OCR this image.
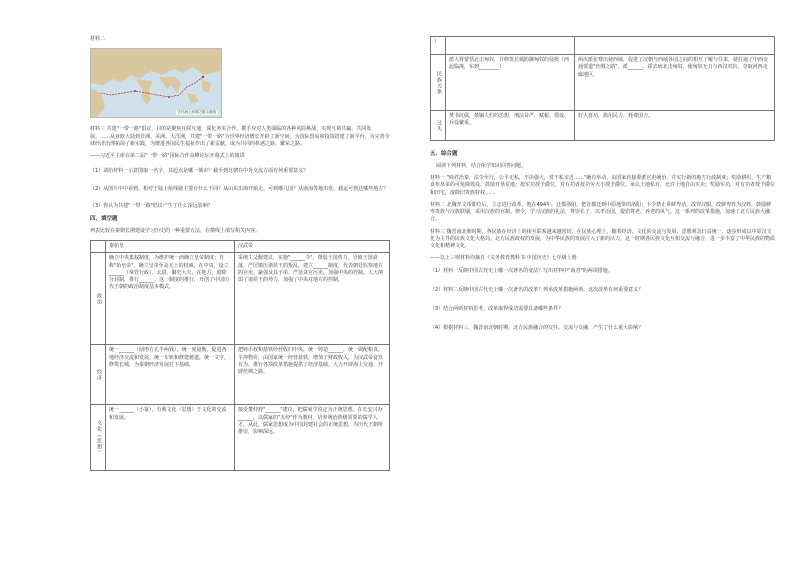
材料二
古代海上丝绸之路示意图
材料三 共建"一带一路"倡议，目的是聚焦互联互通，深化务实合作，携手应对人类面临的各种风险挑战，实现互利共赢、共同发展。……从亚欧大陆到非洲、美洲、大洋洲，共建"一带一路"为世界经济增长开辟了新空间，为国际贸易和投资搭建了新平台，为完善全球经济治理拓展了新实践，为增进各国民生福祉作出了新贡献，成为共同的机遇之路、繁荣之路。
——习近平主席在第二届"一带一路"国际合作高峰论坛开幕式上的演讲
（1）请给材料一示意图取一名字，其起点是哪一城市？截至到这朝在中外交流方面有何重要意义？
（2）从图片中中看到，相对于陆上航线她主要有什么不同？从山东出海开航走，可到哪几国？从南海等地出发，载运可到达哪些地方？
（3）你认为共建"一带一路"倡议产生了什么深远影响？
四、填空题
列表比较在秦朝长期建设学习历史的一种重要方法，在横线上填写相关内容。
	秦始皇	汉武帝
政治	确立中央集权制度，为维护统一而确立皇帝制度；自称"始皇帝"，确立皇帝至高无上的权威。在中央，设立______（掌管行政）、太尉、御史大夫，在地方，废除分封制，推行______。这一制度的推行，开创了中国历代王朝的政治制度基本模式。	采纳主父偃建议，实施"______令"，削弱王国势力，导致王国衰落，严厉镇压诸侯王的叛乱。建立______制度，代表朝廷监察地方的官吏、豪强及其子弟，严惩贪官污吏，加强中央的控制。大大削弱了诸侯王的势力，加强了中央对地方的控制。
经济	统一______（圆形方孔半两钱），统一度量衡，促进各地经济交流和发展；统一车轨和修建驰道，统一文字，修筑长城，为秦朝经济发展打下基础。	把铸币权和盐铁经营收归中央，统一铸造______，统一调配粮食，平抑物价，由国家统一经营盐铁，增加了财政收入，为汉武帝奋发有为、推行各项改革措施提供了经济基础。大力开辟海上交通，开辟丝绸之路。
文化（思想）	统一______（小篆），有利文化（思想）于文化的交流和发展。	接受董仲舒"______"建议，把儒家学说定为正统思想。在长安兴办______，以儒家的"五经"作为教材，培养统治阶级需要的儒学人才。从此，儒家思想成为中国封建社会的正统思想，为历代王朝所推崇，影响深远。
）		
民族关系	派大将蒙恬北击匈奴，并修筑长城防御匈奴的侵扰（西起临洮，东到________）	两次派张骞出使西域，促进了汉朝与西域各国之间的相互了解与往来，使打通了中西交通要道"丝绸之路"。派______、霍去病北击匈奴，使匈奴无力与西汉对抗，夺取河西走廊地区。
过失	焚书坑儒，禁锢人们的思想，刑法苛严，赋税、徭役、兵役繁重。	好大喜功，滥用民力，耗费国力。
五、综合题
阅读下列材料，结合所学知识回答问题。
材料一 "商君治秦，法令至行，公平无私，不讳强大，赏不私亲近……"确有举动，由国家直接委派官吏统治，并实行新的地方行政制度；奖励耕织，生产粮食布帛多的可免除徭役，鼓励开垦荒地；按军功授予爵位，对有功者按功劳大小授予爵位，承认土地私有，允许土地自由买卖；奖励军功，对有功者授予爵位和田宅，废除旧贵族特权……
材料二 北魏孝文帝即位后，立志进行改革。他在494年，迁都洛阳，把首都迁到中原地带的洛阳；下令禁止讲鲜卑话，改穿汉服，改鲜卑姓为汉姓，鼓励鲜卑贵族与汉族联姻，采用汉族的官制、律令，学习汉族的礼法，尊崇孔子，以孝治国，提倡尊老、养老的风气。这一系列的改革措施，加速了北方民族大融合。
材料三 魏晋南北朝时期，各民族在经济上的相互联系越来越密切，在民族心理上，随着经济、文化的交流与发展，思想观念日益统一，逐步形成以中原汉文化为主导的民族文化大格局。北方民族政权的发展，为中华民族的发展注入了新的活力，这一时期各民族文化互相交流与融合，进一步丰富了中华民族的物质文化和精神文化。
——以上三则材料均摘自《义务教育教科书·中国历史》七年级上册
（1）材料一反映中国古代史上哪一次著名的变法？写出材料中"商君"的两项措施。
（2）材料二反映中国古代史上哪一次著名的改革？列举改革措施两项。这次改革有何重要意义？
（3）结合两则材料思考，改革取得成功需要具备哪些条件？
（4）根据材料三，魏晋南北朝时期，北方民族融合的交往、交流与交融，产生了什么重大影响？
